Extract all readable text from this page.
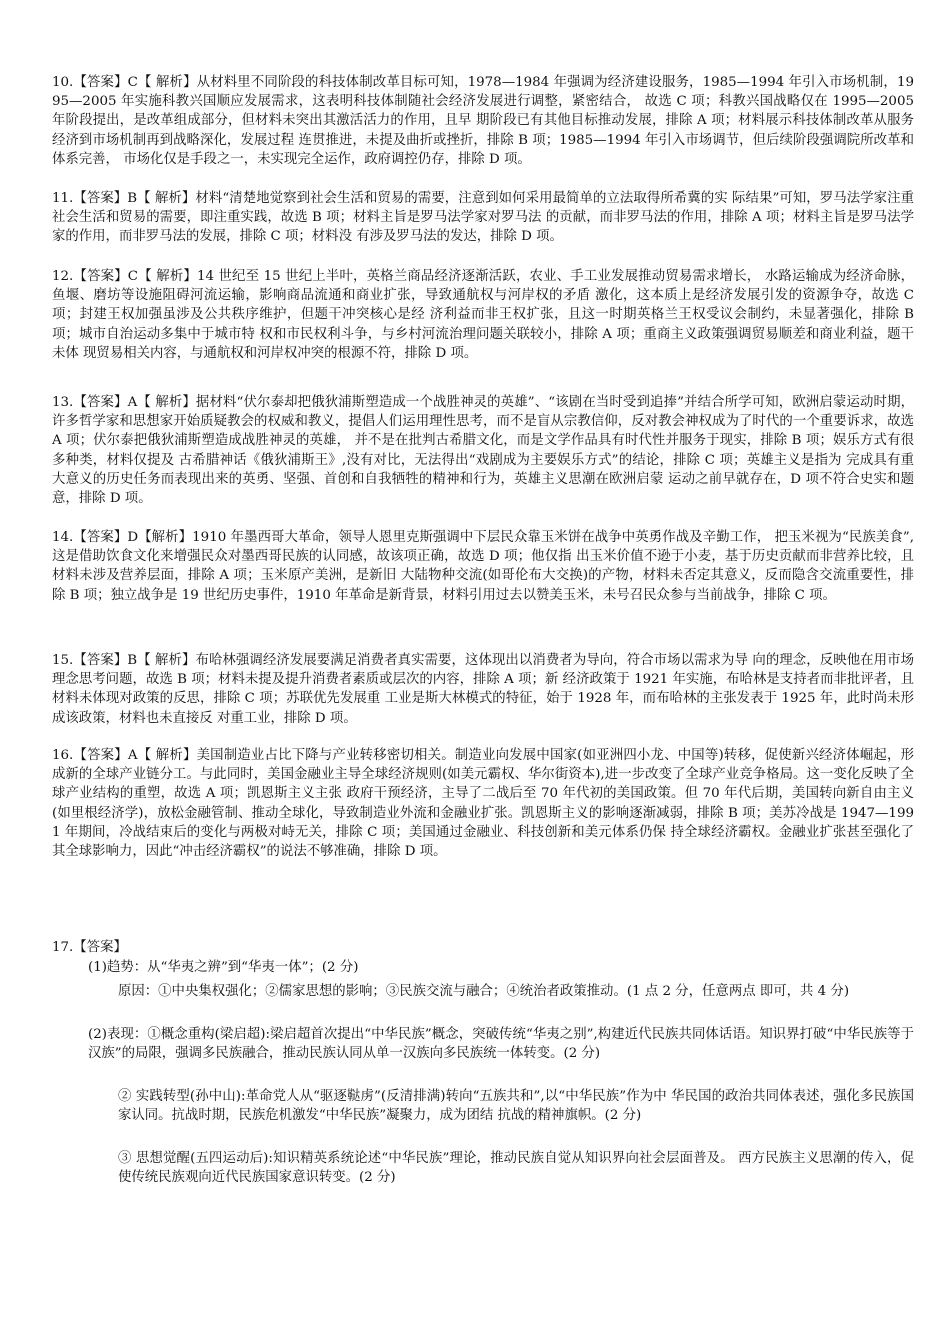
10.【答案】C【 解析】从材料里不同阶段的科技体制改革目标可知，1978—1984 年强调为经济建设服务，1985—1994 年引入市场机制，1995—2005 年实施科教兴国顺应发展需求，这表明科技体制随社会经济发展进行调整，紧密结合， 故选 C 项；科教兴国战略仅在 1995—2005 年阶段提出，是改革组成部分，但材料未突出其激活活力的作用，且早 期阶段已有其他目标推动发展，排除 A 项；材料展示科技体制改革从服务经济到市场机制再到战略深化，发展过程 连贯推进，未提及曲折或挫折，排除 B 项；1985—1994 年引入市场调节，但后续阶段强调院所改革和体系完善， 市场化仅是手段之一，未实现完全运作，政府调控仍存，排除 D 项。
11.【答案】B【 解析】材料“清楚地觉察到社会生活和贸易的需要，注意到如何采用最简单的立法取得所希冀的实 际结果”可知，罗马法学家注重社会生活和贸易的需要，即注重实践，故选 B 项；材料主旨是罗马法学家对罗马法 的贡献，而非罗马法的作用，排除 A 项；材料主旨是罗马法学家的作用，而非罗马法的发展，排除 C 项；材料没 有涉及罗马法的发达，排除 D 项。
12.【答案】C【 解析】14 世纪至 15 世纪上半叶，英格兰商品经济逐渐活跃，农业、手工业发展推动贸易需求增长， 水路运输成为经济命脉，鱼堰、磨坊等设施阻碍河流运输，影响商品流通和商业扩张，导致通航权与河岸权的矛盾 激化，这本质上是经济发展引发的资源争夺，故选 C 项；封建王权加强虽涉及公共秩序维护，但题干冲突核心是经 济利益而非王权扩张，且这一时期英格兰王权受议会制约，未显著强化，排除 B 项；城市自治运动多集中于城市特 权和市民权利斗争，与乡村河流治理问题关联较小，排除 A 项；重商主义政策强调贸易顺差和商业利益，题干未体 现贸易相关内容，与通航权和河岸权冲突的根源不符，排除 D 项。
13.【答案】A【 解析】据材料“伏尔泰却把俄狄浦斯塑造成一个战胜神灵的英雄”、“该剧在当时受到追捧”并结合所学可知，欧洲启蒙运动时期，许多哲学家和思想家开始质疑教会的权威和教义，提倡人们运用理性思考，而不是盲从宗教信仰，反对教会神权成为了时代的一个重要诉求，故选 A 项；伏尔泰把俄狄浦斯塑造成战胜神灵的英雄， 并不是在批判古希腊文化，而是文学作品具有时代性并服务于现实，排除 B 项；娱乐方式有很多种类，材料仅提及 古希腊神话《俄狄浦斯王》,没有对比，无法得出“戏剧成为主要娱乐方式”的结论，排除 C 项；英雄主义是指为 完成具有重大意义的历史任务而表现出来的英勇、坚强、首创和自我牺牲的精神和行为，英雄主义思潮在欧洲启蒙 运动之前早就存在，D 项不符合史实和题意，排除 D 项。
14.【答案】D【解析】1910 年墨西哥大革命，领导人恩里克斯强调中下层民众靠玉米饼在战争中英勇作战及辛勤工作， 把玉米视为“民族美食”,这是借助饮食文化来增强民众对墨西哥民族的认同感，故该项正确，故选 D 项；他仅指 出玉米价值不逊于小麦，基于历史贡献而非营养比较，且材料未涉及营养层面，排除 A 项；玉米原产美洲，是新旧 大陆物种交流(如哥伦布大交换)的产物，材料未否定其意义，反而隐含交流重要性，排除 B 项；独立战争是 19 世纪历史事件，1910 年革命是新背景，材料引用过去以赞美玉米，未号召民众参与当前战争，排除 C 项。
15.【答案】B【 解析】布哈林强调经济发展要满足消费者真实需要，这体现出以消费者为导向，符合市场以需求为导 向的理念，反映他在用市场理念思考问题，故选 B 项；材料未提及提升消费者素质或层次的内容，排除 A 项；新 经济政策于 1921 年实施，布哈林是支持者而非批评者，且材料未体现对政策的反思，排除 C 项；苏联优先发展重 工业是斯大林模式的特征，始于 1928 年，而布哈林的主张发表于 1925 年，此时尚未形成该政策，材料也未直接反 对重工业，排除 D 项。
16.【答案】A【 解析】美国制造业占比下降与产业转移密切相关。制造业向发展中国家(如亚洲四小龙、中国等)转移，促使新兴经济体崛起，形成新的全球产业链分工。与此同时，美国金融业主导全球经济规则(如美元霸权、华尔街资本),进一步改变了全球产业竞争格局。这一变化反映了全球产业结构的重塑，故选 A 项；凯恩斯主义主张 政府干预经济，主导了二战后至 70 年代初的美国政策。但 70 年代后期，美国转向新自由主义(如里根经济学)，放松金融管制、推动全球化，导致制造业外流和金融业扩张。凯恩斯主义的影响逐渐减弱，排除 B 项；美苏冷战是 1947—1991 年期间，冷战结束后的变化与两极对峙无关，排除 C 项；美国通过金融业、科技创新和美元体系仍保 持全球经济霸权。金融业扩张甚至强化了其全球影响力，因此“冲击经济霸权”的说法不够准确，排除 D 项。
17.【答案】
(1)趋势：从“华夷之辨”到“华夷一体”；(2 分)
原因：①中央集权强化；②儒家思想的影响；③民族交流与融合；④统治者政策推动。(1 点 2 分，任意两点 即可，共 4 分)
(2)表现：①概念重构(梁启超):梁启超首次提出“中华民族”概念，突破传统“华夷之别”,构建近代民族共同体话语。知识界打破“中华民族等于汉族”的局限，强调多民族融合，推动民族认同从单一汉族向多民族统一体转变。(2 分)
② 实践转型(孙中山):革命党人从“驱逐鞑虏”(反清排满)转向“五族共和”,以“中华民族”作为中 华民国的政治共同体表述，强化多民族国家认同。抗战时期，民族危机激发“中华民族”凝聚力，成为团结 抗战的精神旗帜。(2 分)
③ 思想觉醒(五四运动后):知识精英系统论述“中华民族”理论，推动民族自觉从知识界向社会层面普及。 西方民族主义思潮的传入，促使传统民族观向近代民族国家意识转变。(2 分)
